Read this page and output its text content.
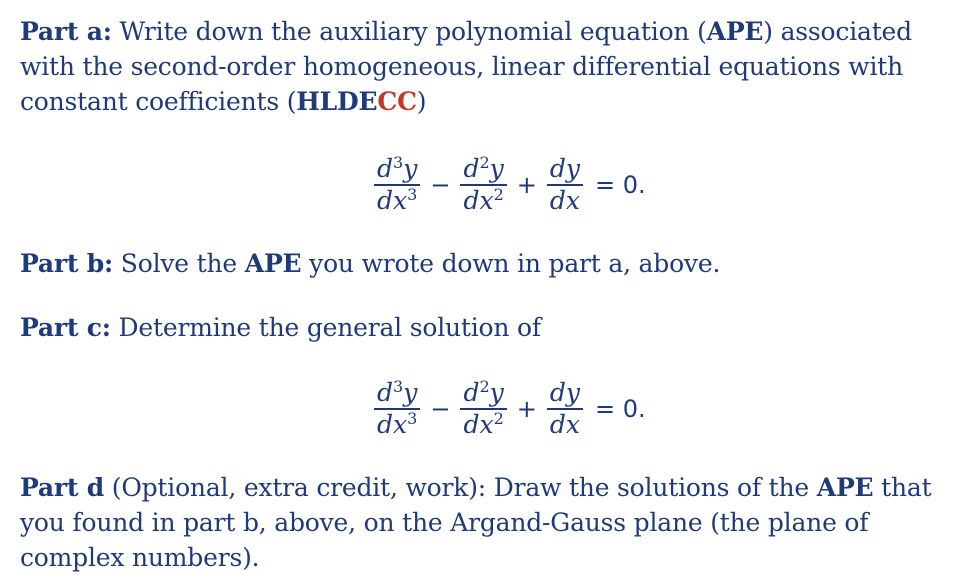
Part a: Write down the auxiliary polynomial equation (APE) associated with the second-order homogeneous, linear differential equations with constant coefficients (HLDECC)
$\frac{d^3y}{dx^3} - \frac{d^2y}{dx^2} + \frac{dy}{dx} = 0$.
Part b: Solve the APE you wrote down in part a, above.
Part c: Determine the general solution of
$\frac{d^3y}{dx^3} - \frac{d^2y}{dx^2} + \frac{dy}{dx} = 0$.
Part d (Optional, extra credit, work): Draw the solutions of the APE that you found in part b, above, on the Argand-Gauss plane (the plane of complex numbers).
